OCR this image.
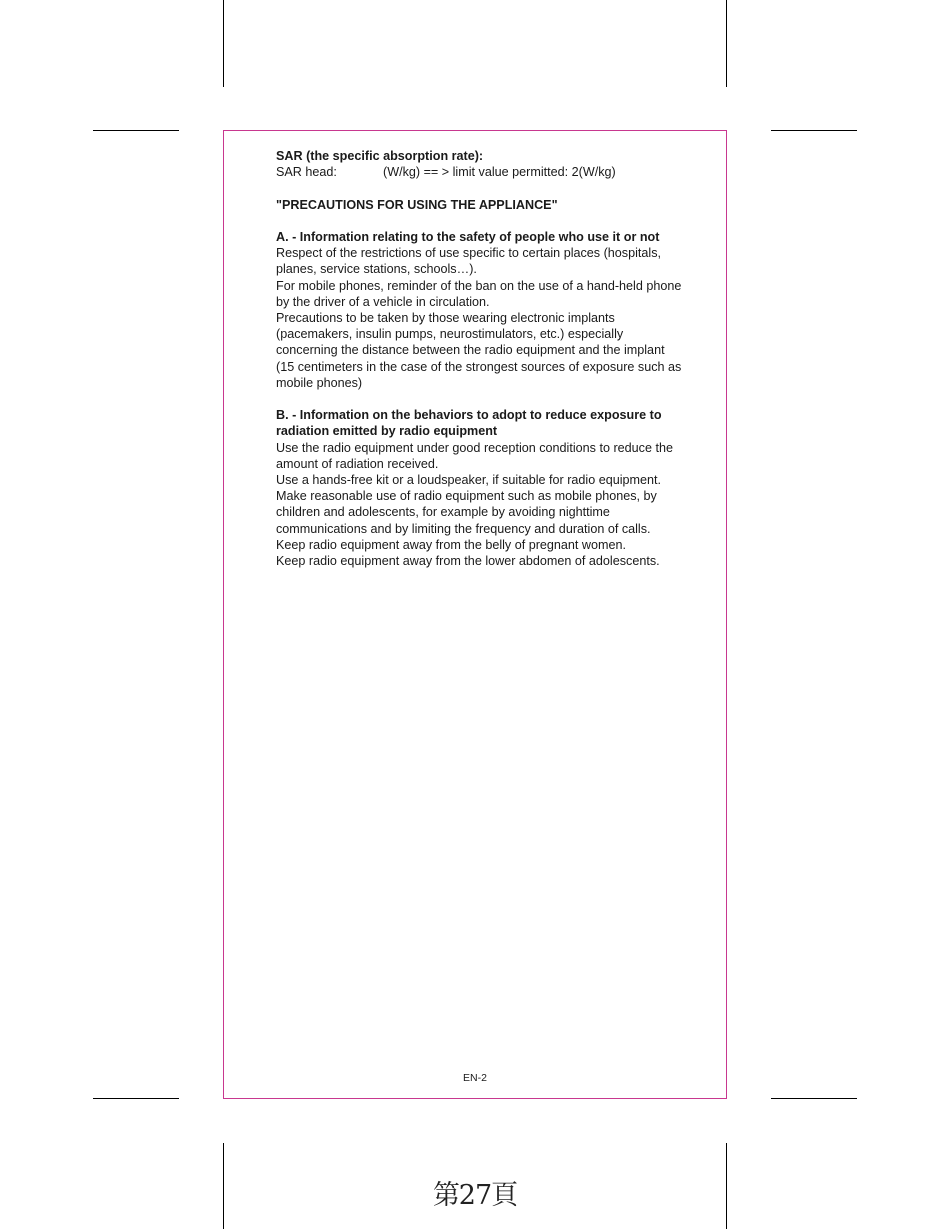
SAR (the specific absorption rate):

SAR head:	(W/kg) == > limit value permitted: 2(W/kg)

"PRECAUTIONS FOR USING THE APPLIANCE"

A. - Information relating to the safety of people who use it or not

Respect of the restrictions of use specific to certain places (hospitals, planes, service stations, schools…).

For mobile phones, reminder of the ban on the use of a hand-held phone by the driver of a vehicle in circulation.

Precautions to be taken by those wearing electronic implants (pacemakers, insulin pumps, neurostimulators, etc.) especially concerning the distance between the radio equipment and the implant (15 centimeters in the case of the strongest sources of exposure such as mobile phones)

B. - Information on the behaviors to adopt to reduce exposure to radiation emitted by radio equipment

Use the radio equipment under good reception conditions to reduce the amount of radiation received.

Use a hands-free kit or a loudspeaker, if suitable for radio equipment.

Make reasonable use of radio equipment such as mobile phones, by children and adolescents, for example by avoiding nighttime communications and by limiting the frequency and duration of calls.

Keep radio equipment away from the belly of pregnant women.

Keep radio equipment away from the lower abdomen of adolescents.

EN-2
第27頁
